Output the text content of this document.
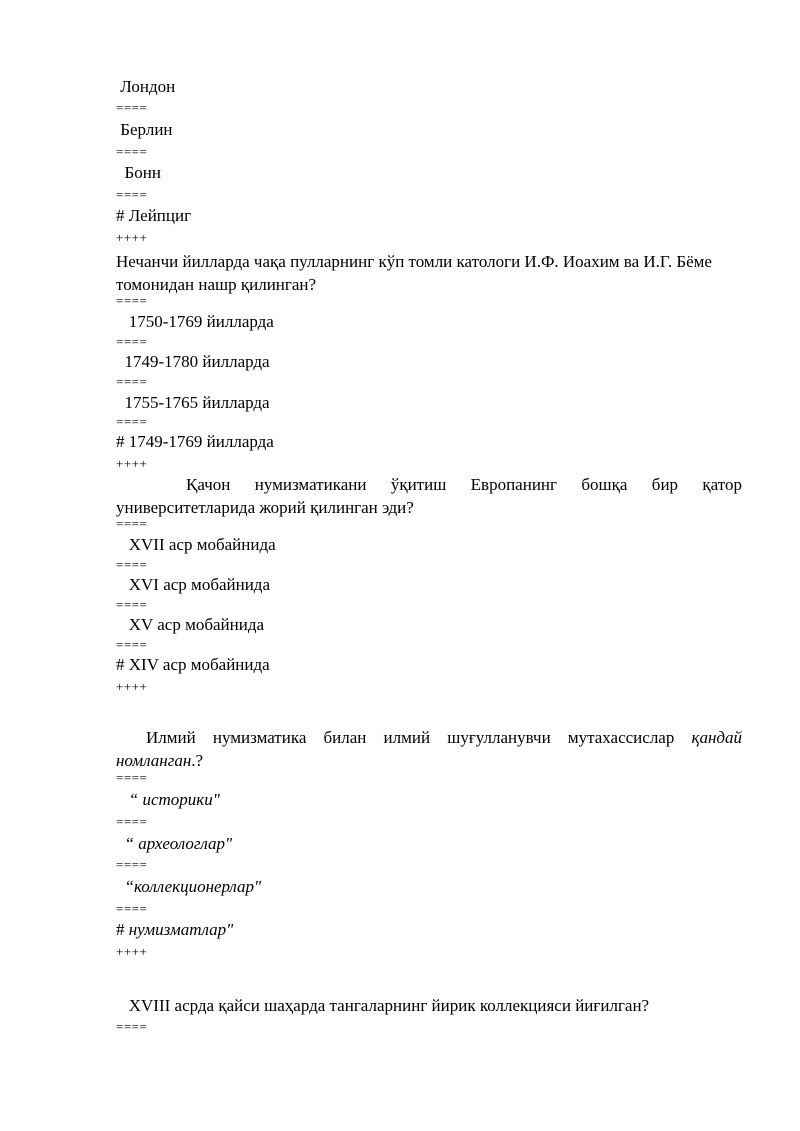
Лондон
====
Берлин
====
Бонн
====
# Лейпциг
++++
Нечанчи йилларда чақа пулларнинг кўп томли катологи И.Ф. Иоахим ва И.Г. Бёме томонидан нашр қилинган?
====
1750-1769 йилларда
====
1749-1780 йилларда
====
1755-1765 йилларда
====
# 1749-1769 йилларда
++++
Қачон нумизматикани ўқитиш Европанинг бошқа бир қатор университетларида жорий қилинган эди?
====
XVII аср мобайнида
====
XVI аср мобайнида
====
XV аср мобайнида
====
# XIV аср мобайнида
++++
Илмий нумизматика билан илмий шуғулланувчи мутахассислар қандай номланган.?
====
“ историки"
====
“ археологлар"
====
“коллекционерлар"
====
# нумизматлар"
++++
XVIII асрда қайси шаҳарда тангаларнинг йирик коллекцияси йиғилган?
====
